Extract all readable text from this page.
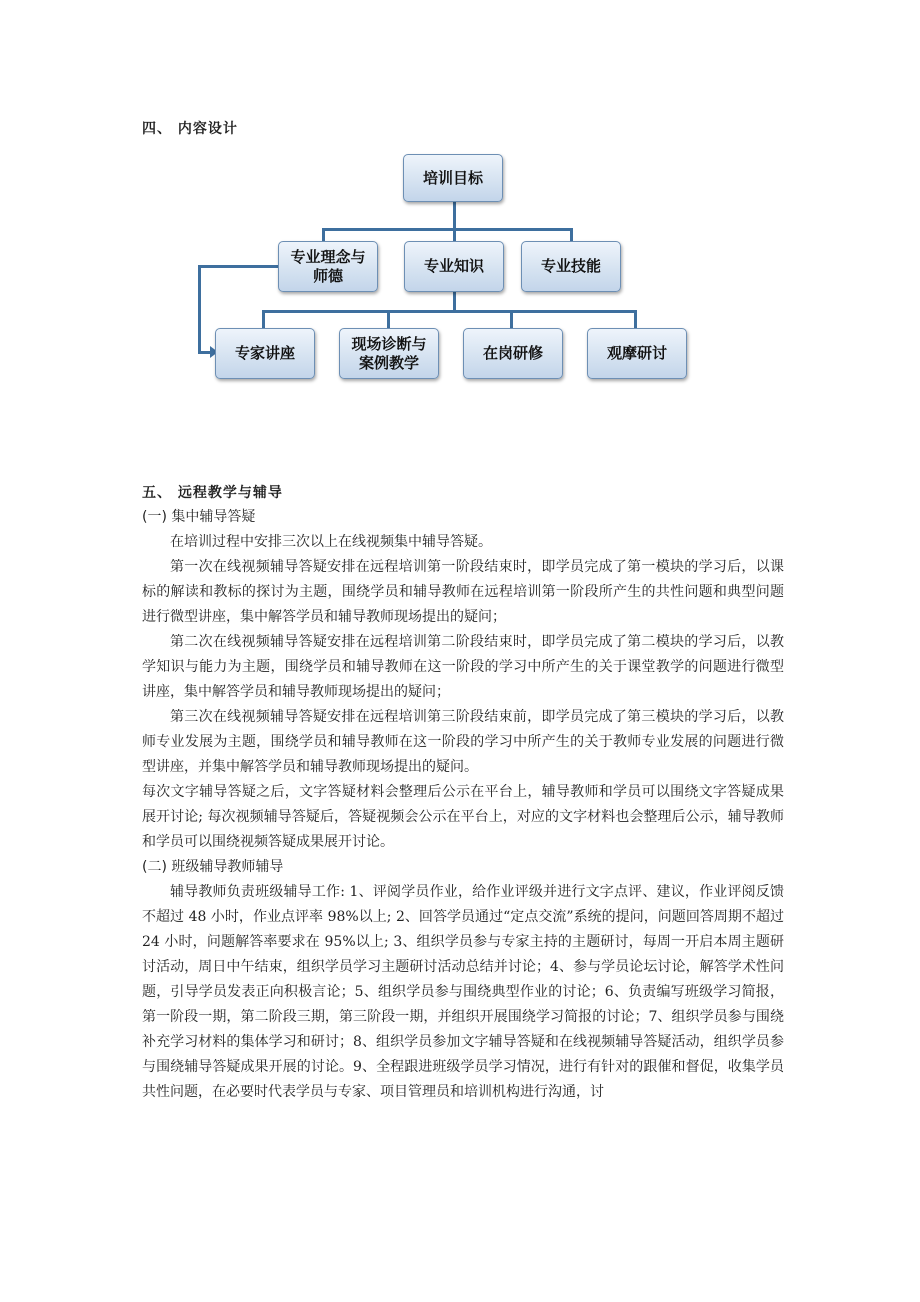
四、 内容设计
培训目标
专业理念与
师德
专业知识	专业技能
专家讲座
现场诊断与
案例教学
在岗研修	观摩研讨
五、 远程教学与辅导

(一) 集中辅导答疑

在培训过程中安排三次以上在线视频集中辅导答疑。

第一次在线视频辅导答疑安排在远程培训第一阶段结束时，即学员完成了第一模块的学习后，以课标的解读和教标的探讨为主题，围绕学员和辅导教师在远程培训第一阶段所产生的共性问题和典型问题进行微型讲座，集中解答学员和辅导教师现场提出的疑问；

第二次在线视频辅导答疑安排在远程培训第二阶段结束时，即学员完成了第二模块的学习后，以教学知识与能力为主题，围绕学员和辅导教师在这一阶段的学习中所产生的关于课堂教学的问题进行微型讲座，集中解答学员和辅导教师现场提出的疑问；

第三次在线视频辅导答疑安排在远程培训第三阶段结束前，即学员完成了第三模块的学习后，以教师专业发展为主题，围绕学员和辅导教师在这一阶段的学习中所产生的关于教师专业发展的问题进行微型讲座，并集中解答学员和辅导教师现场提出的疑问。

每次文字辅导答疑之后，文字答疑材料会整理后公示在平台上，辅导教师和学员可以围绕文字答疑成果展开讨论; 每次视频辅导答疑后，答疑视频会公示在平台上，对应的文字材料也会整理后公示，辅导教师和学员可以围绕视频答疑成果展开讨论。

(二) 班级辅导教师辅导

辅导教师负责班级辅导工作: 1、评阅学员作业，给作业评级并进行文字点评、建议，作业评阅反馈不超过 48 小时，作业点评率 98%以上; 2、回答学员通过“定点交流”系统的提问，问题回答周期不超过 24 小时，问题解答率要求在 95%以上; 3、组织学员参与专家主持的主题研讨，每周一开启本周主题研讨活动，周日中午结束，组织学员学习主题研讨活动总结并讨论；4、参与学员论坛讨论，解答学术性问题，引导学员发表正向积极言论；5、组织学员参与围绕典型作业的讨论；6、负责编写班级学习简报，第一阶段一期，第二阶段三期，第三阶段一期，并组织开展围绕学习简报的讨论；7、组织学员参与围绕补充学习材料的集体学习和研讨；8、组织学员参加文字辅导答疑和在线视频辅导答疑活动，组织学员参与围绕辅导答疑成果开展的讨论。9、全程跟进班级学员学习情况，进行有针对的跟催和督促，收集学员共性问题，在必要时代表学员与专家、项目管理员和培训机构进行沟通，讨
